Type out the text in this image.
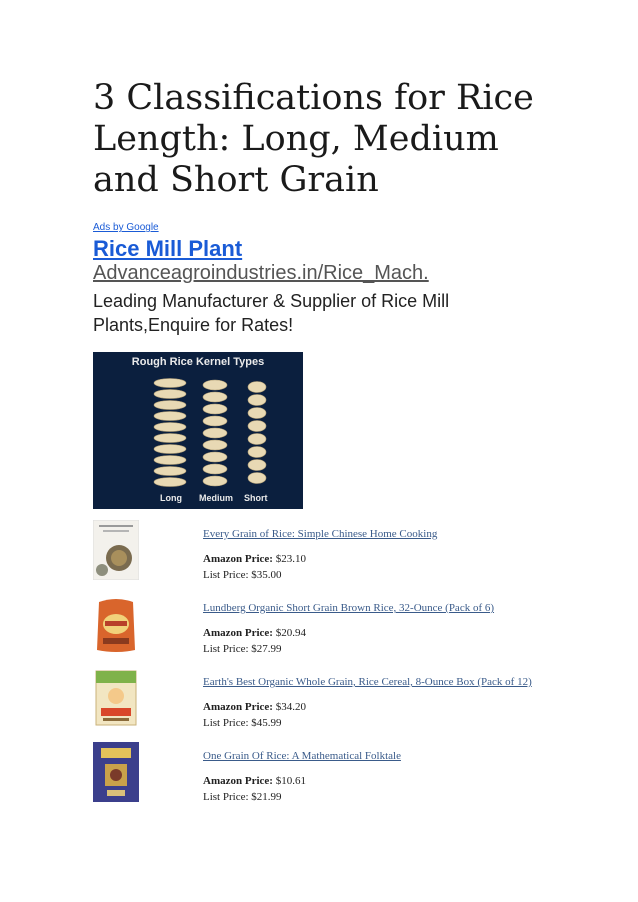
3 Classifications for Rice Length: Long, Medium and Short Grain
Ads by Google
Rice Mill Plant Advanceagroindustries.in/Rice_Mach.
Leading Manufacturer & Supplier of Rice Mill Plants,Enquire for Rates!
Rough Rice Kernel Types
Long Medium Short
Every Grain of Rice: Simple Chinese Home Cooking
Amazon Price: $23.10
List Price: $35.00
Lundberg Organic Short Grain Brown Rice, 32-Ounce (Pack of 6)
Amazon Price: $20.94
List Price: $27.99
Earth's Best Organic Whole Grain, Rice Cereal, 8-Ounce Box (Pack of 12)
Amazon Price: $34.20
List Price: $45.99
One Grain Of Rice: A Mathematical Folktale
Amazon Price: $10.61
List Price: $21.99
